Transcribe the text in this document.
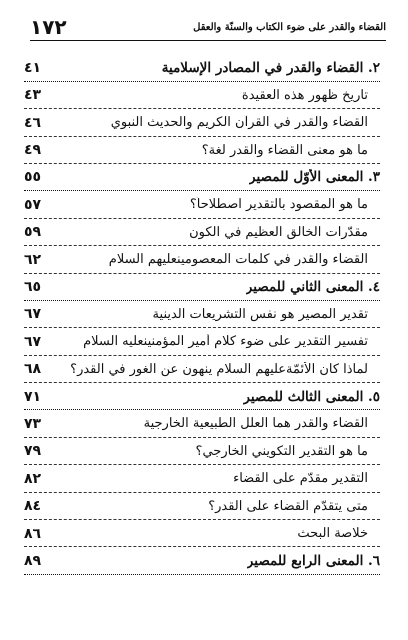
١٧٢	القضاء والقدر على ضوء الكتاب والسنّة والعقل
٢. القضاء والقدر في المصادر الإسلامية
٤١
تاريخ ظهور هذه العقيدة
٤٣
القضاء والقدر في القرآن الكريم والحديث النبوي
٤٦
ما هو معنى القضاء والقدر لغة؟
٤٩
٣. المعنى الأوّل للمصير
٥٥
ما هو المقصود بالتقدير اصطلاحاً؟
٥٧
مقدّرات الخالق العظيم في الكون
٥٩
القضاء والقدر في كلمات المعصومينعليهم السلام
٦٢
٤. المعنى الثاني للمصير
٦٥
تقدير المصير هو نفس التشريعات الدينية
٦٧
تفسير التقدير على ضوء كلام أمير المؤمنينعليه السلام
٦٧
لماذا كان الأئمّةعليهم السلام ينهون عن الغور في القدر؟
٦٨
٥. المعنى الثالث للمصير
٧١
القضاء والقدر هما العلل الطبيعية الخارجية
٧٣
ما هو التقدير التكويني الخارجي؟
٧٩
التقدير مقدّم على القضاء
٨٢
متى يتقدّم القضاء على القدر؟
٨٤
خلاصة البحث
٨٦
٦. المعنى الرابع للمصير
٨٩
